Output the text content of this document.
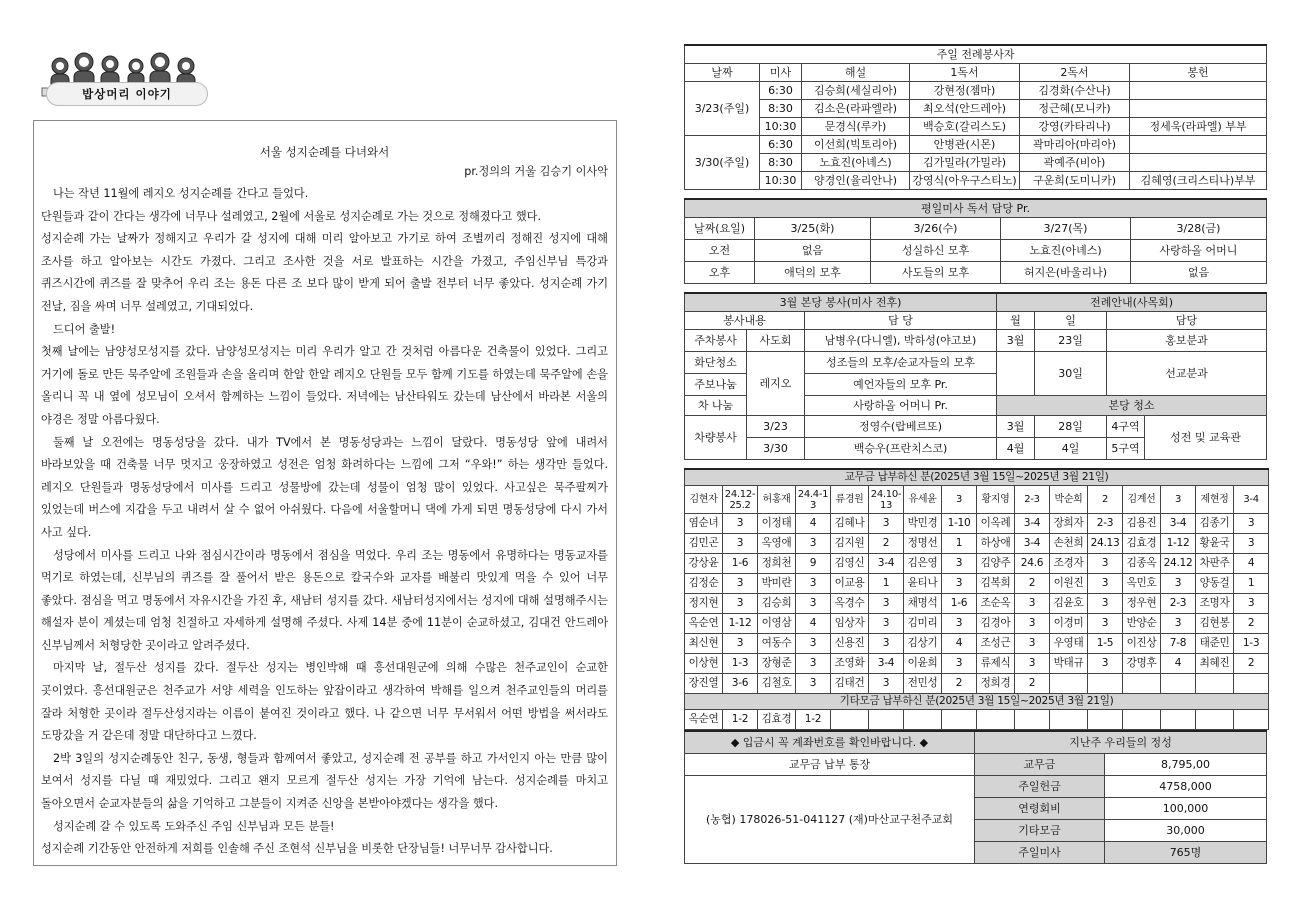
밥상머리 이야기
서울 성지순례를 다녀와서
pr.정의의 거울 김승기 이사악

나는 작년 11월에 레지오 성지순례를 간다고 들었다.

단원들과 같이 간다는 생각에 너무나 설레였고, 2월에 서울로 성지순례로 가는 것으로 정해졌다고 했다.

성지순례 가는 날짜가 정해지고 우리가 갈 성지에 대해 미리 알아보고 가기로 하여 조별끼리 정해진 성지에 대해 조사를 하고 알아보는 시간도 가졌다. 그리고 조사한 것을 서로 발표하는 시간을 가졌고, 주임신부님 특강과 퀴즈시간에 퀴즈를 잘 맞추어 우리 조는 용돈 다른 조 보다 많이 받게 되어 출발 전부터 너무 좋았다. 성지순례 가기 전날, 짐을 싸며 너무 설레였고, 기대되었다.

드디어 출발!

첫째 날에는 남양성모성지를 갔다. 남양성모성지는 미리 우리가 알고 간 것처럼 아름다운 건축물이 있었다. 그리고 거기에 돌로 만든 묵주알에 조원들과 손을 올리며 한알 한알 레지오 단원들 모두 함께 기도를 하였는데 묵주알에 손을 올리니 꼭 내 옆에 성모님이 오셔서 함께하는 느낌이 들었다. 저녁에는 남산타워도 갔는데 남산에서 바라본 서울의 야경은 정말 아름다웠다.

둘째 날 오전에는 명동성당을 갔다. 내가 TV에서 본 명동성당과는 느낌이 달랐다. 명동성당 앞에 내려서 바라보았을 때 건축물 너무 멋지고 웅장하였고 성전은 엄청 화려하다는 느낌에 그저 “우와!” 하는 생각만 들었다. 레지오 단원들과 명동성당에서 미사를 드리고 성물방에 갔는데 성물이 엄청 많이 있었다. 사고싶은 묵주팔찌가 있었는데 버스에 지갑을 두고 내려서 살 수 없어 아쉬웠다. 다음에 서울할머니 댁에 가게 되면 명동성당에 다시 가서 사고 싶다.

성당에서 미사를 드리고 나와 점심시간이라 명동에서 점심을 먹었다. 우리 조는 명동에서 유명하다는 명동교자를 먹기로 하였는데, 신부님의 퀴즈를 잘 풀어서 받은 용돈으로 칼국수와 교자를 배불리 맛있게 먹을 수 있어 너무 좋았다. 점심을 먹고 명동에서 자유시간을 가진 후, 새남터 성지를 갔다. 새남터성지에서는 성지에 대해 설명해주시는 해설자 분이 계셨는데 엄청 친절하고 자세하게 설명해 주셨다. 사제 14분 중에 11분이 순교하셨고, 김대건 안드레아 신부님께서 처형당한 곳이라고 알려주셨다.

마지막 날, 절두산 성지를 갔다. 절두산 성지는 병인박해 때 흥선대원군에 의해 수많은 천주교인이 순교한 곳이였다. 흥선대원군은 천주교가 서양 세력을 인도하는 앞잡이라고 생각하여 박해를 일으켜 천주교인들의 머리를 잘라 처형한 곳이라 절두산성지라는 이름이 붙여진 것이라고 했다. 나 같으면 너무 무서워서 어떤 방법을 써서라도 도망갔을 거 같은데 정말 대단하다고 느꼈다.

2박 3일의 성지순례동안 친구, 동생, 형들과 함께여서 좋았고, 성지순례 전 공부를 하고 가서인지 아는 만큼 많이 보여서 성지를 다닐 때 재밌었다. 그리고 왠지 모르게 절두산 성지는 가장 기억에 남는다. 성지순례를 마치고 돌아오면서 순교자분들의 삶을 기억하고 그분들이 지켜준 신앙을 본받아야겠다는 생각을 했다.

성지순례 갈 수 있도록 도와주신 주임 신부님과 모든 분들!

성지순례 기간동안 안전하게 저희를 인솔해 주신 조현석 신부님을 비롯한 단장님들! 너무너무 감사합니다.

주일 전례봉사자					
날짜	미사	해설	1독서	2독서	봉헌
3/23(주일)	6:30	김승희(세실리아)	강현정(젬마)	김경화(수산나)	
	8:30	김소은(라파엘라)	최오석(안드레아)	정근혜(모니카)	
	10:30	문경식(루카)	백승호(갈리스도)	강영(카타리나)	정세욱(라파엘) 부부
3/30(주일)	6:30	이선희(빅토리아)	안병관(시몬)	곽마리아(마리아)	
	8:30	노효진(아녜스)	김가밀라(가밀라)	곽예주(비아)	
	10:30	양경인(율리안나)	강영식(아우구스티노)	구운희(도미니카)	김혜영(크리스티나)부부
평일미사 독서 담당 Pr.				
날짜(요일)	3/25(화)	3/26(수)	3/27(목)	3/28(금)
오전	없음	성실하신 모후	노효진(아녜스)	사랑하올 어머니
오후	애덕의 모후	사도들의 모후	허지은(바울리나)	없음
3월 본당 봉사(미사 전후)			전례안내(사목회)			
봉사내용		담 당	월	일	담당	
주차봉사	사도회	남병우(다니엘), 박하성(야고보)	3월	23일	홍보분과	
화단청소	레지오	성조들의 모후/순교자들의 모후		30일	선교분과	
주보나눔		예언자들의 모후 Pr.				
차 나눔		사랑하올 어머니 Pr.	본당 청소			
차량봉사	3/23	정영수(랍베르또)	3월	28일	4구역	성전 및 교육관
	3/30	백승우(프란치스코)	4월	4일	5구역	
교무금 납부하신 분(2025년 3월 15일~2025년 3월 21일)															
김현자	24.12-25.2	허홍재	24.4-13	류경원	24.10-13	유세윤	3	황지영	2-3	박순희	2	김계선	3	제현정	3-4
염순녀	3	이정태	4	김혜나	3	박민경	1-10	이옥례	3-4	장희자	2-3	김용진	3-4	김종기	3
김민곤	3	옥영애	3	김지원	2	정명선	1	하상애	3-4	손천희	24.13	김효경	1-12	황윤국	3
강상윤	1-6	정희천	9	김영신	3-4	김은영	3	김양주	24.6	조경자	3	김종옥	24.12	차판주	4
김정순	3	박미란	3	이교용	1	윤티나	3	김복희	2	이원진	3	옥민호	3	양동걸	1
정지현	3	김승희	3	옥경수	3	채명석	1-6	조순옥	3	김윤호	3	정우현	2-3	조명자	3
옥순연	1-12	이영삼	4	임상자	3	김미리	3	김경아	3	이경미	3	반양순	3	김현봉	2
최신현	3	여동수	3	신용진	3	김상기	4	조성근	3	우영태	1-5	이진상	7-8	태준민	1-3
이상현	1-3	장형준	3	조영화	3-4	이윤희	3	류제식	3	박태규	3	강명후	4	최혜진	2
장진열	3-6	김철호	3	김태건	3	전민성	2	정희경	2						
기타모금 납부하신 분(2025년 3월 15일~2025년 3월 21일)															
옥순연	1-2	김효경	1-2												
◆ 입금시 꼭 계좌번호를 확인바랍니다. ◆	지난주 우리들의 정성	
교무금 납부 통장	교무금	8,795,00
(농협) 178026-51-041127 (재)마산교구천주교회	주일헌금	4758,000
	연령회비	100,000
	기타모금	30,000
	주일미사	765명
